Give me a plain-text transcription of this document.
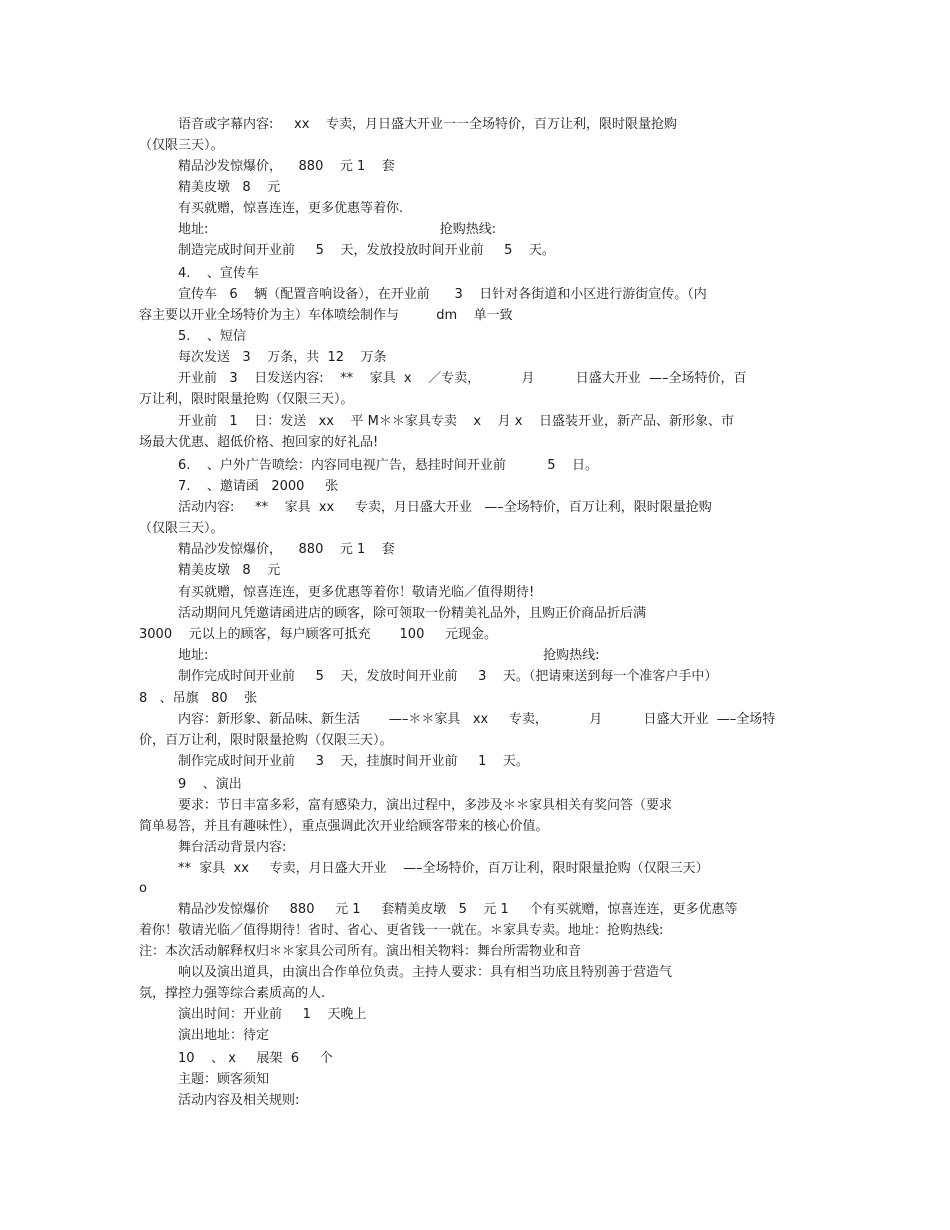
语音或字幕内容:     xx    专卖，月日盛大开业一一全场特价，百万让利，限时限量抢购

（仅限三天）。

精品沙发惊爆价，    880    元 1    套

精美皮墩   8    元

有买就赠，惊喜连连，更多优惠等着你.

地址:                                                        抢购热线:

制造完成时间开业前     5    天，发放投放时间开业前     5    天。

4.    、宣传车

宣传车   6    辆（配置音响设备），在开业前      3    日针对各街道和小区进行游街宣传。（内

容主要以开业全场特价为主）车体喷绘制作与         dm    单一致

5.    、短信

每次发送   3    万条，共  12    万条

开业前   3    日发送内容:    **    家具  x    ／专卖，          月          日盛大开业  —–全场特价，百

万让利，限时限量抢购（仅限三天）。

开业前   1    日：发送   xx    平 M＊＊家具专卖    x    月 x    日盛装开业，新产品、新形象、市

场最大优惠、超低价格、抱回家的好礼品!

6.    、户外广告喷绘：内容同电视广告，悬挂时间开业前          5    日。

7.    、邀请函   2000     张

活动内容:     **    家具  xx     专卖，月日盛大开业   —–全场特价，百万让利，限时限量抢购

（仅限三天）。

精品沙发惊爆价，    880    元 1    套

精美皮墩   8    元

有买就赠，惊喜连连，更多优惠等着你！敬请光临／值得期待!

活动期间凡凭邀请函进店的顾客，除可领取一份精美礼品外，且购正价商品折后满

3000    元以上的顾客，每户顾客可抵充       100     元现金。

地址:                                                                                 抢购热线:

制作完成时间开业前     5    天，发放时间开业前     3    天。（把请柬送到每一个准客户手中）

8   、吊旗   80    张

内容：新形象、新品味、新生活       —–＊＊家具   xx     专卖，          月          日盛大开业  —–全场特

价，百万让利，限时限量抢购（仅限三天）。

制作完成时间开业前     3    天，挂旗时间开业前     1    天。

9    、演出

要求：节日丰富多彩，富有感染力，演出过程中，多涉及＊＊家具相关有奖问答（要求

简单易答，并且有趣味性），重点强调此次开业给顾客带来的核心价值。

舞台活动背景内容:

**  家具  xx     专卖，月日盛大开业    —–全场特价，百万让利，限时限量抢购（仅限三天）

o

精品沙发惊爆价     880     元 1     套精美皮墩   5    元 1     个有买就赠，惊喜连连，更多优惠等

着你！敬请光临／值得期待！省时、省心、更省钱一一就在。＊家具专卖。地址：抢购热线:

注：本次活动解释权归＊＊家具公司所有。演出相关物料：舞台所需物业和音

响以及演出道具，由演出合作单位负责。主持人要求：具有相当功底且特别善于营造气

氛，撑控力强等综合素质高的人.

演出时间：开业前     1    天晚上

演出地址：待定

10    、 x     展架  6     个

主题：顾客须知

活动内容及相关规则:
